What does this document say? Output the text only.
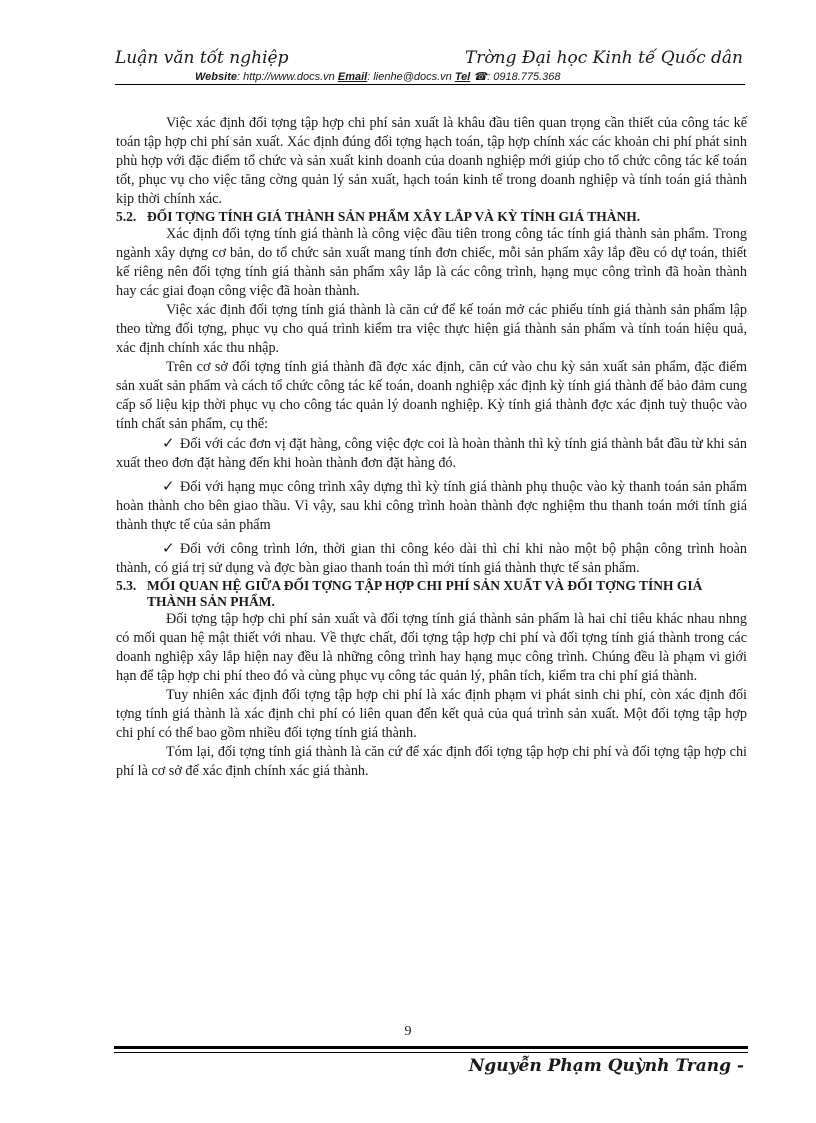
Luận văn tốt nghiệp	Trờng Đại học Kinh tế Quốc dân
Website: http://www.docs.vn Email: lienhe@docs.vn Tel ☎: 0918.775.368

Việc xác định đối tợng tập hợp chi phí sản xuất là khâu đầu tiên quan trọng cần thiết của công tác kế toán tập hợp chi phí sản xuất. Xác định đúng đối tợng hạch toán, tập hợp chính xác các khoản chi phí phát sinh phù hợp với đặc điểm tổ chức và sản xuất kinh doanh của doanh nghiệp mới giúp cho tổ chức công tác kế toán tốt, phục vụ cho việc tăng cờng quản lý sản xuất, hạch toán kinh tế trong doanh nghiệp và tính toán giá thành kịp thời chính xác.

5.2. ĐỐI TỢNG TÍNH GIÁ THÀNH SẢN PHẨM XÂY LẮP VÀ KỲ TÍNH GIÁ THÀNH.

Xác định đối tợng tính giá thành là công việc đầu tiên trong công tác tính giá thành sản phẩm. Trong ngành xây dựng cơ bản, do tổ chức sản xuất mang tính đơn chiếc, mỗi sản phẩm xây lắp đều có dự toán, thiết kế riêng nên đối tợng tính giá thành sản phẩm xây lắp là các công trình, hạng mục công trình đã hoàn thành hay các giai đoạn công việc đã hoàn thành.

Việc xác định đối tợng tính giá thành là căn cứ để kế toán mở các phiếu tính giá thành sản phẩm lập theo từng đối tợng, phục vụ cho quá trình kiểm tra việc thực hiện giá thành sản phẩm và tính toán hiệu quả, xác định chính xác thu nhập.

Trên cơ sở đối tợng tính giá thành đã đợc xác định, căn cứ vào chu kỳ sản xuất sản phẩm, đặc điểm sản xuất sản phẩm và cách tổ chức công tác kế toán, doanh nghiệp xác định kỳ tính giá thành để bảo đảm cung cấp số liệu kịp thời phục vụ cho công tác quản lý doanh nghiệp. Kỳ tính giá thành đợc xác định tuỳ thuộc vào tính chất sản phẩm, cụ thể:

✓ Đối với các đơn vị đặt hàng, công việc đợc coi là hoàn thành thì kỳ tính giá thành bắt đầu từ khi sản xuất theo đơn đặt hàng đến khi hoàn thành đơn đặt hàng đó.

✓ Đối với hạng mục công trình xây dựng thì kỳ tính giá thành phụ thuộc vào kỳ thanh toán sản phẩm hoàn thành cho bên giao thầu. Vì vậy, sau khi công trình hoàn thành đợc nghiệm thu thanh toán mới tính giá thành thực tế của sản phẩm

✓ Đối với công trình lớn, thời gian thi công kéo dài thì chỉ khi nào một bộ phận công trình hoàn thành, có giá trị sử dụng và đợc bàn giao thanh toán thì mới tính giá thành thực tế sản phẩm.

5.3. MỐI QUAN HỆ GIỮA ĐỐI TỢNG TẬP HỢP CHI PHÍ SẢN XUẤT VÀ ĐỐI TỢNG TÍNH GIÁ THÀNH SẢN PHẨM.

Đối tợng tập hợp chi phí sản xuất và đối tợng tính giá thành sản phẩm là hai chỉ tiêu khác nhau nhng có mối quan hệ mật thiết với nhau. Về thực chất, đối tợng tập hợp chi phí và đối tợng tính giá thành trong các doanh nghiệp xây lắp hiện nay đều là những công trình hay hạng mục công trình. Chúng đều là phạm vi giới hạn để tập hợp chi phí theo đó và cùng phục vụ công tác quản lý, phân tích, kiểm tra chi phí giá thành.

Tuy nhiên xác định đối tợng tập hợp chi phí là xác định phạm vi phát sinh chi phí, còn xác định đối tợng tính giá thành là xác định chi phí có liên quan đến kết quả của quá trình sản xuất. Một đối tợng tập hợp chi phí có thể bao gồm nhiều đối tợng tính giá thành.

Tóm lại, đối tợng tính giá thành là căn cứ để xác định đối tợng tập hợp chi phí và đối tợng tập hợp chi phí là cơ sở để xác định chính xác giá thành.

9
Nguyễn Phạm Quỳnh Trang -
